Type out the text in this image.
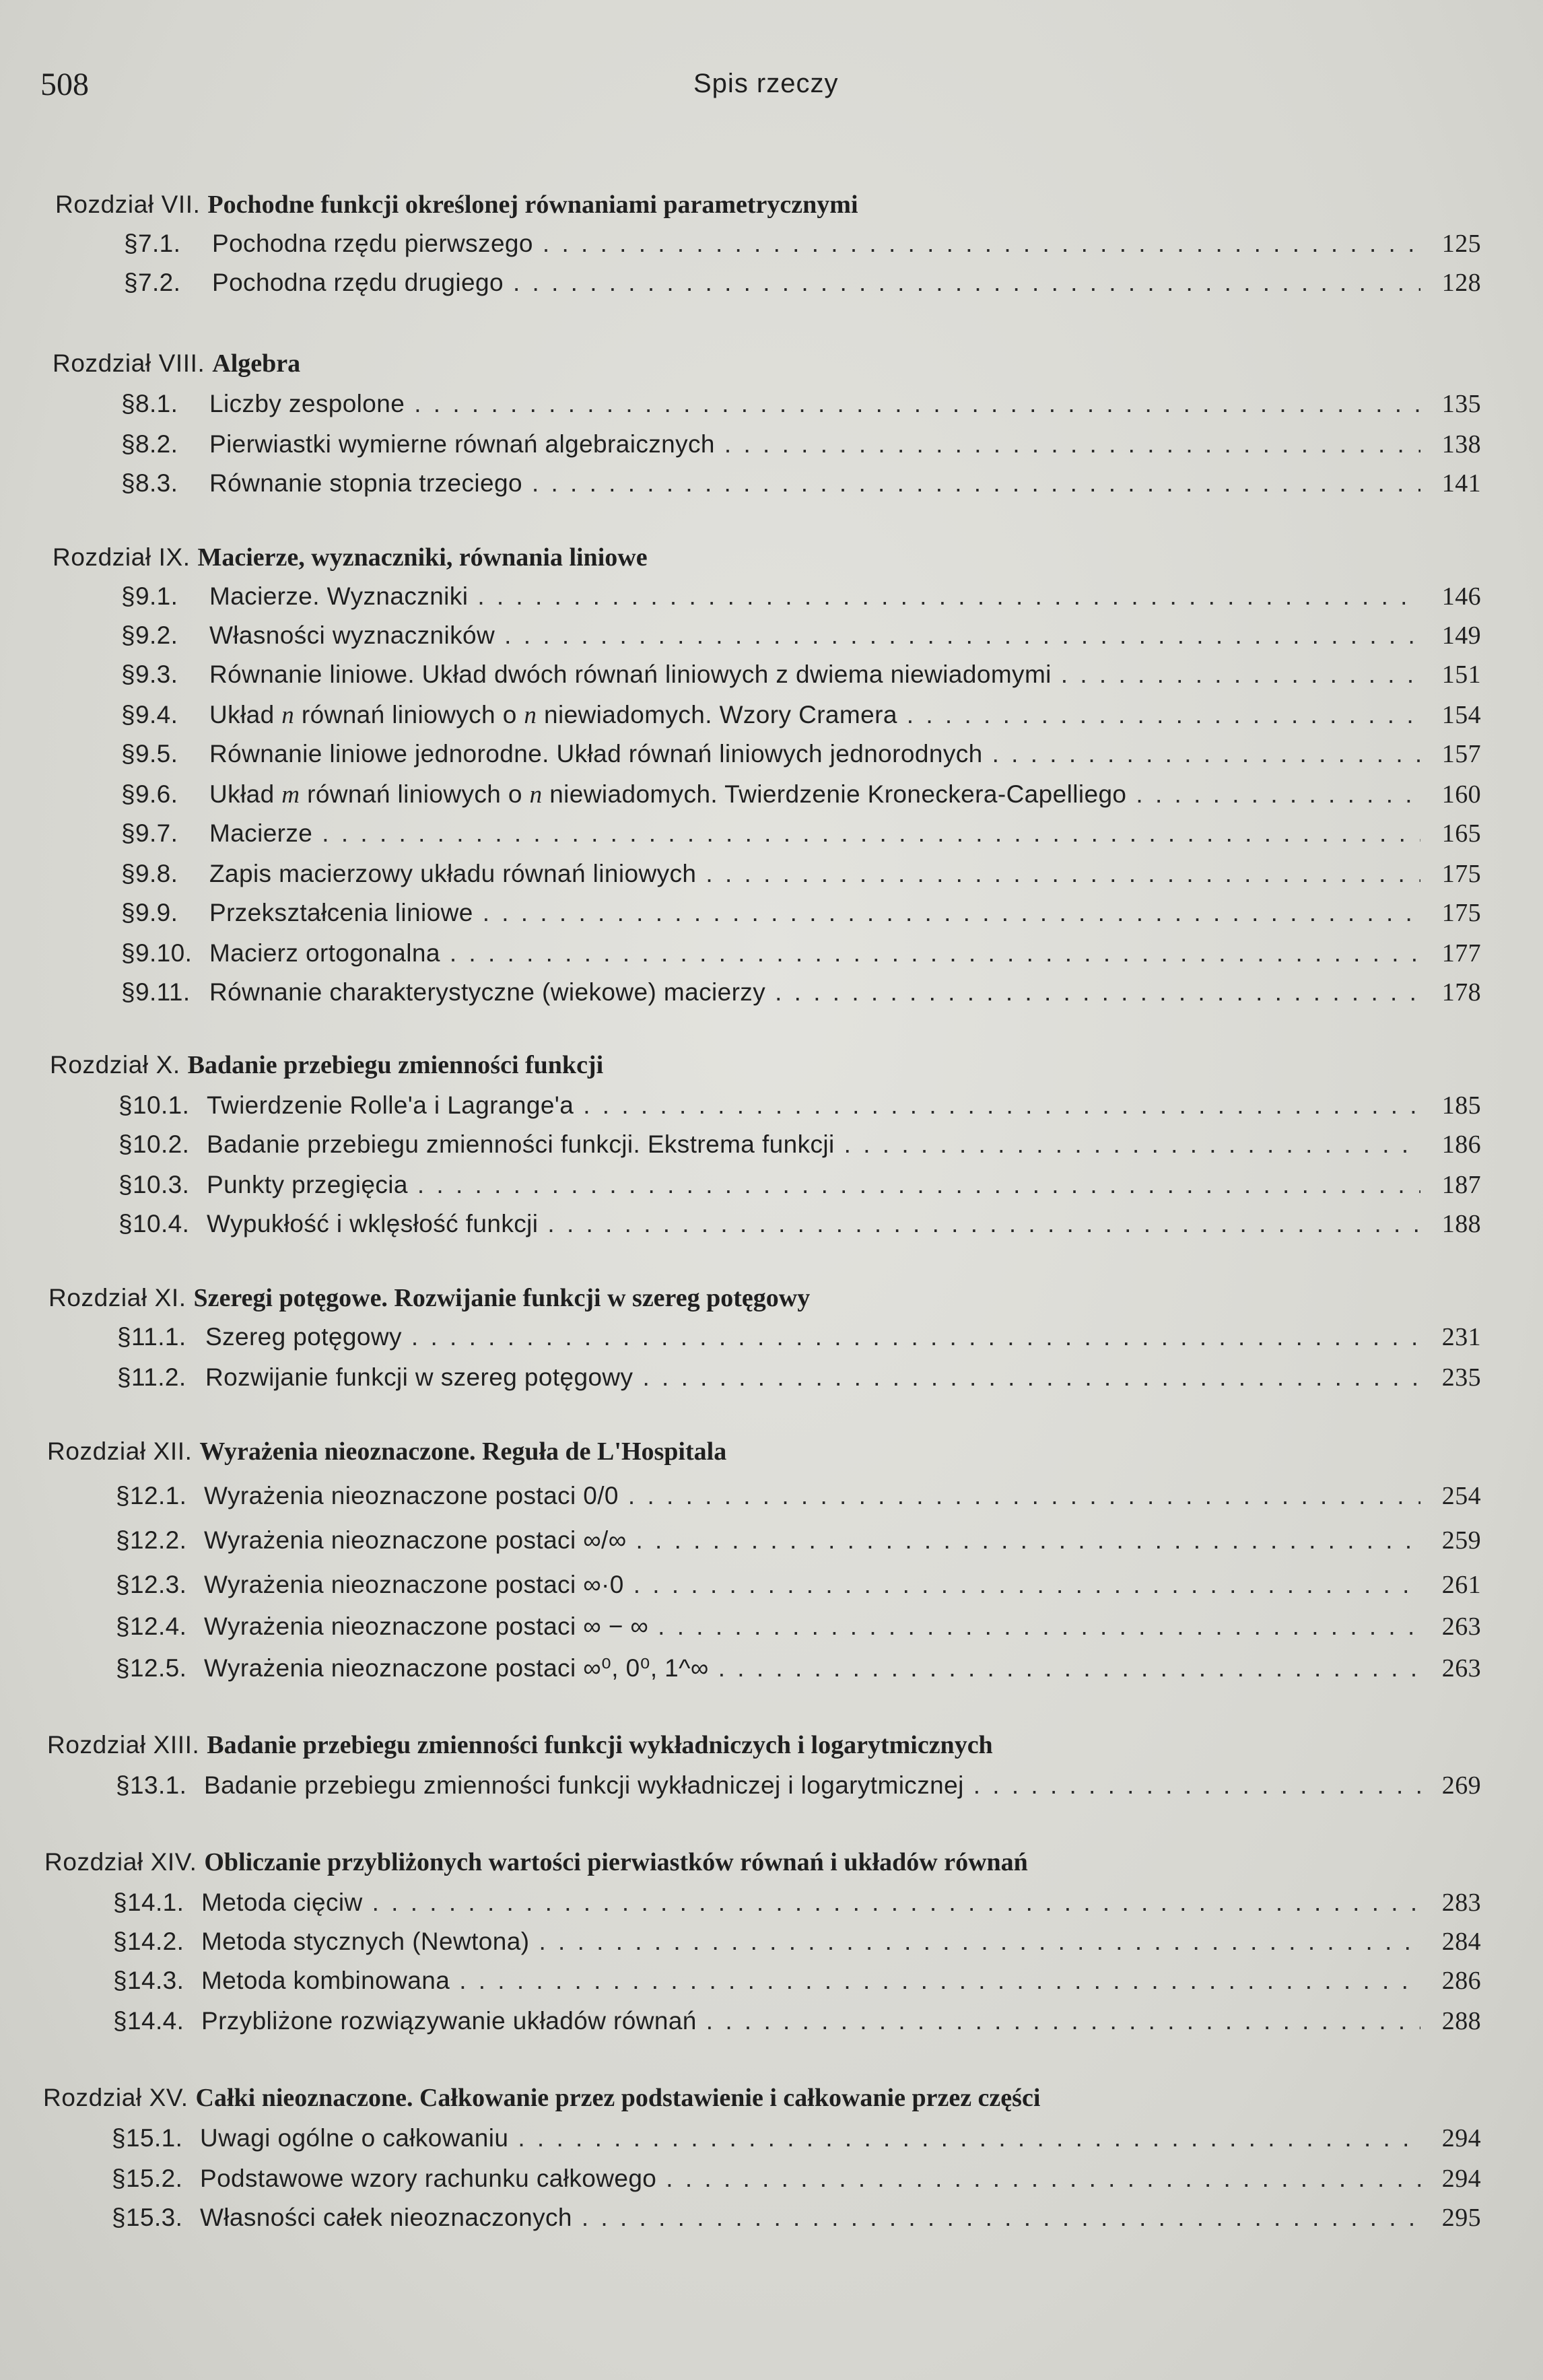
508	Spis rzeczy
Rozdział VII. Pochodne funkcji określonej równaniami parametrycznymi
§ 7.1.	Pochodna rzędu pierwszego . . .	125
§ 7.2.	Pochodna rzędu drugiego . . .	128
Rozdział VIII. Algebra
§ 8.1.	Liczby zespolone . . .	135
§ 8.2.	Pierwiastki wymierne równań algebraicznych . . .	138
§ 8.3.	Równanie stopnia trzeciego . . .	141
Rozdział IX. Macierze, wyznaczniki, równania liniowe
§ 9.1.	Macierze. Wyznaczniki . . .	146
§ 9.2.	Własności wyznaczników . . .	149
§ 9.3.	Równanie liniowe. Układ dwóch równań liniowych z dwiema niewiadomymi . . .	151
§ 9.4.	Układ n równań liniowych o n niewiadomych. Wzory Cramera . . .	154
§ 9.5.	Równanie liniowe jednorodne. Układ równań liniowych jednorodnych . . .	157
§ 9.6.	Układ m równań liniowych o n niewiadomych. Twierdzenie Kroneckera-Capelliego . . .	160
§ 9.7.	Macierze . . .	165
§ 9.8.	Zapis macierzowy układu równań liniowych . . .	175
§ 9.9.	Przekształcenia liniowe . . .	175
§ 9.10. Macierz ortogonalna . . .	177
§ 9.11. Równanie charakterystyczne (wiekowe) macierzy . . .	178
Rozdział X. Badanie przebiegu zmienności funkcji
§ 10.1. Twierdzenie Rolle'a i Lagrange'a . . .	185
§ 10.2. Badanie przebiegu zmienności funkcji. Ekstrema funkcji . . .	186
§ 10.3. Punkty przegięcia . . .	187
§ 10.4. Wypukłość i wklęsłość funkcji . . .	188
Rozdział XI. Szeregi potęgowe. Rozwijanie funkcji w szereg potęgowy
§ 11.1. Szereg potęgowy . . .	231
§ 11.2. Rozwijanie funkcji w szereg potęgowy . . .	235
Rozdział XII. Wyrażenia nieoznaczone. Reguła de L'Hospitala
§ 12.1. Wyrażenia nieoznaczone postaci 0/0 . . .	254
§ 12.2. Wyrażenia nieoznaczone postaci ∞/∞ . . .	259
§ 12.3. Wyrażenia nieoznaczone postaci ∞·0 . . .	261
§ 12.4. Wyrażenia nieoznaczone postaci ∞ − ∞ . . .	263
§ 12.5. Wyrażenia nieoznaczone postaci ∞⁰, 0⁰, 1^∞ . . .	263
Rozdział XIII. Badanie przebiegu zmienności funkcji wykładniczych i logarytmicznych
§ 13.1. Badanie przebiegu zmienności funkcji wykładniczej i logarytmicznej . . .	269
Rozdział XIV. Obliczanie przybliżonych wartości pierwiastków równań i układów równań
§ 14.1. Metoda cięciw . . .	283
§ 14.2. Metoda stycznych (Newtona) . . .	284
§ 14.3. Metoda kombinowana . . .	286
§ 14.4. Przybliżone rozwiązywanie układów równań . . .	288
Rozdział XV. Całki nieoznaczone. Całkowanie przez podstawienie i całkowanie przez części
§ 15.1. Uwagi ogólne o całkowaniu . . .	294
§ 15.2. Podstawowe wzory rachunku całkowego . . .	294
§ 15.3. Własności całek nieoznaczonych . . .	295
